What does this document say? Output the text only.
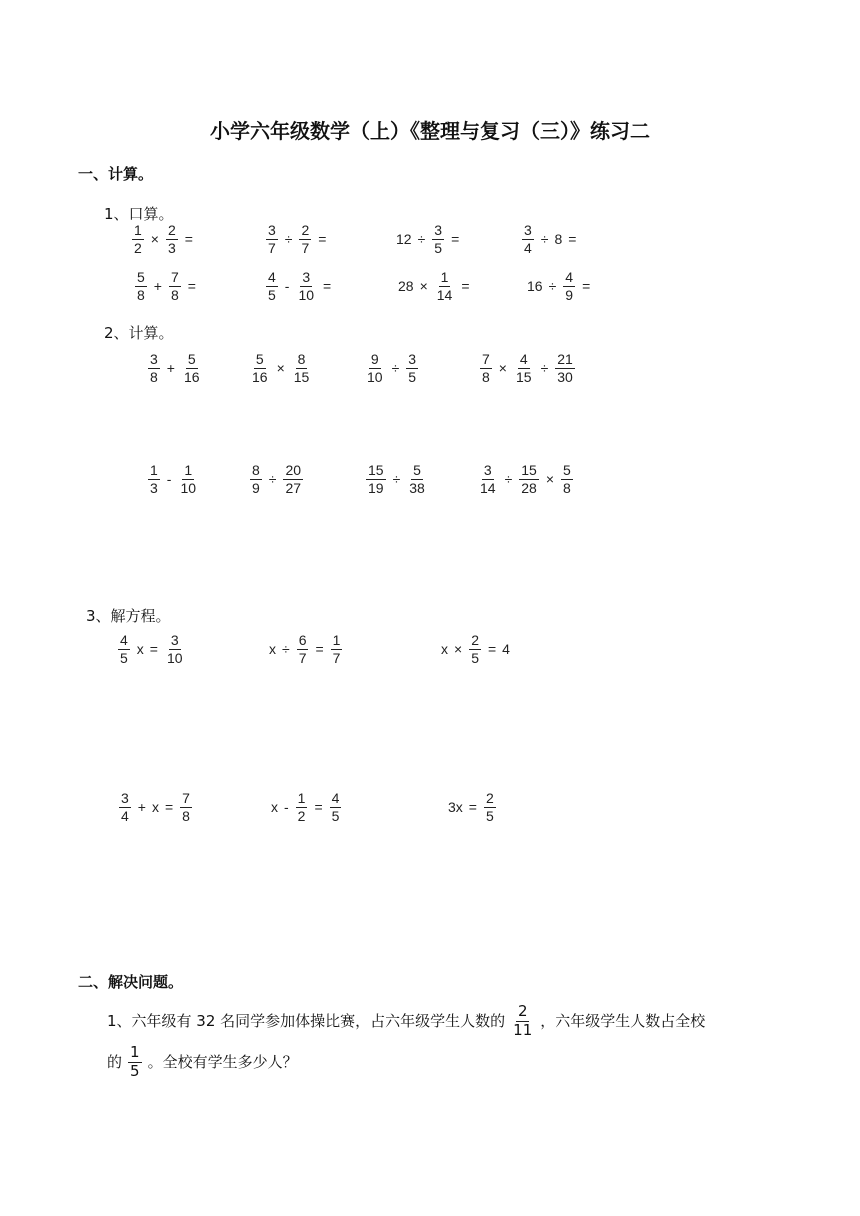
小学六年级数学（上）《整理与复习（三）》练习二
一、计算。
1、口算。
$\frac{1}{2} \times \frac{2}{3}$ =	$\frac{3}{7} \div \frac{2}{7}$ =	$12 \div \frac{3}{5}$ =	$\frac{3}{4} \div 8$ =
$\frac{5}{8} + \frac{7}{8}$ =	$\frac{4}{5} - \frac{3}{10}$ =	$28 \times \frac{1}{14}$ =	$16 \div \frac{4}{9}$ =
2、计算。
$\frac{3}{8} + \frac{5}{16}$	$\frac{5}{16} \times \frac{8}{15}$	$\frac{9}{10} \div \frac{3}{5}$	$\frac{7}{8} \times \frac{4}{15} \div \frac{21}{30}$
$\frac{1}{3} - \frac{1}{10}$	$\frac{8}{9} \div \frac{20}{27}$	$\frac{15}{19} \div \frac{5}{38}$	$\frac{3}{14} \div \frac{15}{28} \times \frac{5}{8}$
3、解方程。
$\frac{4}{5}$ $x = \frac{3}{10}$	$x \div \frac{6}{7} = \frac{1}{7}$	$x \times \frac{2}{5} = 4$
$\frac{3}{4} + x = \frac{7}{8}$	$x - \frac{1}{2} = \frac{4}{5}$	$3x = \frac{2}{5}$
二、解决问题。
1、六年级有 32 名同学参加体操比赛，占六年级学生人数的 $\frac{2}{11}$ ，六年级学生人数占全校
的 $\frac{1}{5}$ 。全校有学生多少人？
